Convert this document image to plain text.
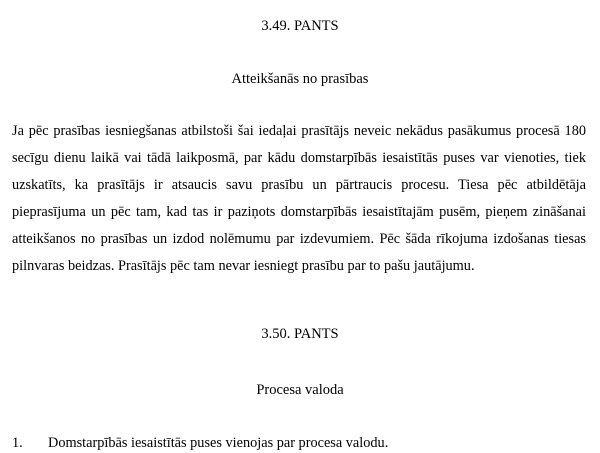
3.49. PANTS

Atteikšanās no prasības

Ja pēc prasības iesniegšanas atbilstoši šai iedaļai prasītājs neveic nekādus pasākumus procesā 180 secīgu dienu laikā vai tādā laikposmā, par kādu domstarpībās iesaistītās puses var vienoties, tiek uzskatīts, ka prasītājs ir atsaucis savu prasību un pārtraucis procesu. Tiesa pēc atbildētāja pieprasījuma un pēc tam, kad tas ir paziņots domstarpībās iesaistītajām pusēm, pieņem zināšanai atteikšanos no prasības un izdod nolēmumu par izdevumiem. Pēc šāda rīkojuma izdošanas tiesas pilnvaras beidzas. Prasītājs pēc tam nevar iesniegt prasību par to pašu jautājumu.

3.50. PANTS

Procesa valoda

1.	Domstarpībās iesaistītās puses vienojas par procesa valodu.
